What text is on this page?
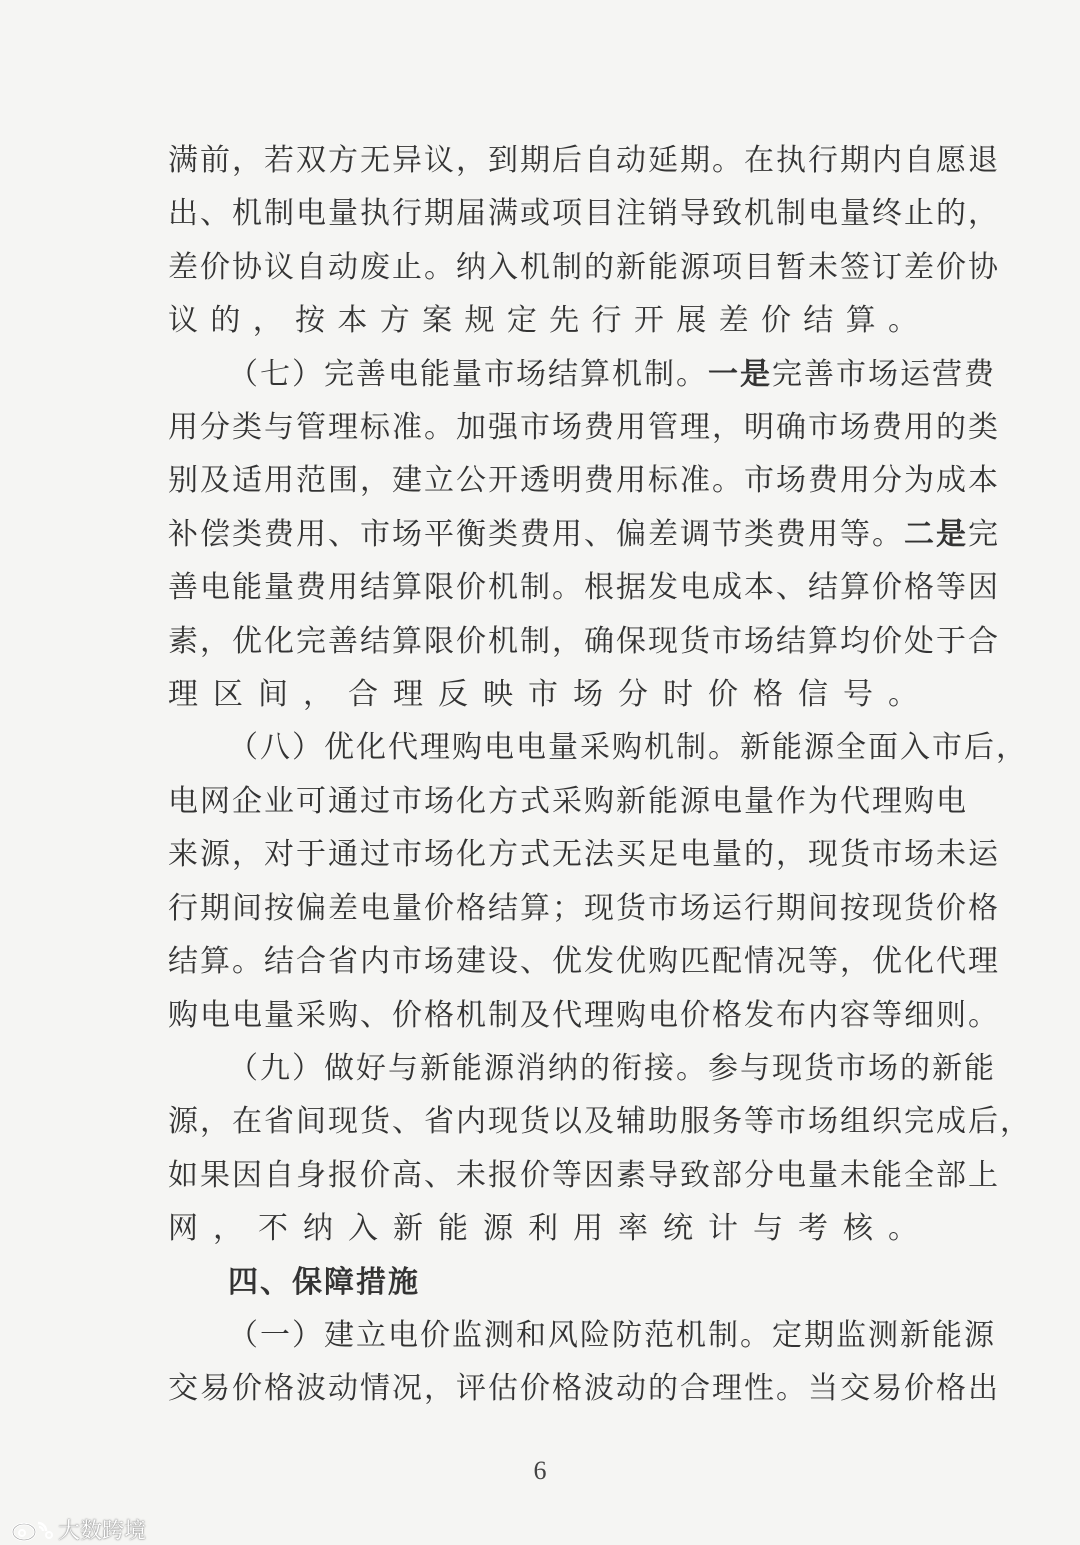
满前，若双方无异议，到期后自动延期。在执行期内自愿退
出、机制电量执行期届满或项目注销导致机制电量终止的，
差价协议自动废止。纳入机制的新能源项目暂未签订差价协
议的，按本方案规定先行开展差价结算。

（七）完善电能量市场结算机制。一是完善市场运营费
用分类与管理标准。加强市场费用管理，明确市场费用的类
别及适用范围，建立公开透明费用标准。市场费用分为成本
补偿类费用、市场平衡类费用、偏差调节类费用等。二是完
善电能量费用结算限价机制。根据发电成本、结算价格等因
素，优化完善结算限价机制，确保现货市场结算均价处于合
理区间，合理反映市场分时价格信号。

（八）优化代理购电电量采购机制。新能源全面入市后，
电网企业可通过市场化方式采购新能源电量作为代理购电
来源，对于通过市场化方式无法买足电量的，现货市场未运
行期间按偏差电量价格结算；现货市场运行期间按现货价格
结算。结合省内市场建设、优发优购匹配情况等，优化代理
购电电量采购、价格机制及代理购电价格发布内容等细则。

（九）做好与新能源消纳的衔接。参与现货市场的新能
源，在省间现货、省内现货以及辅助服务等市场组织完成后，
如果因自身报价高、未报价等因素导致部分电量未能全部上
网，不纳入新能源利用率统计与考核。

四、保障措施

（一）建立电价监测和风险防范机制。定期监测新能源
交易价格波动情况，评估价格波动的合理性。当交易价格出

6
大数跨境
